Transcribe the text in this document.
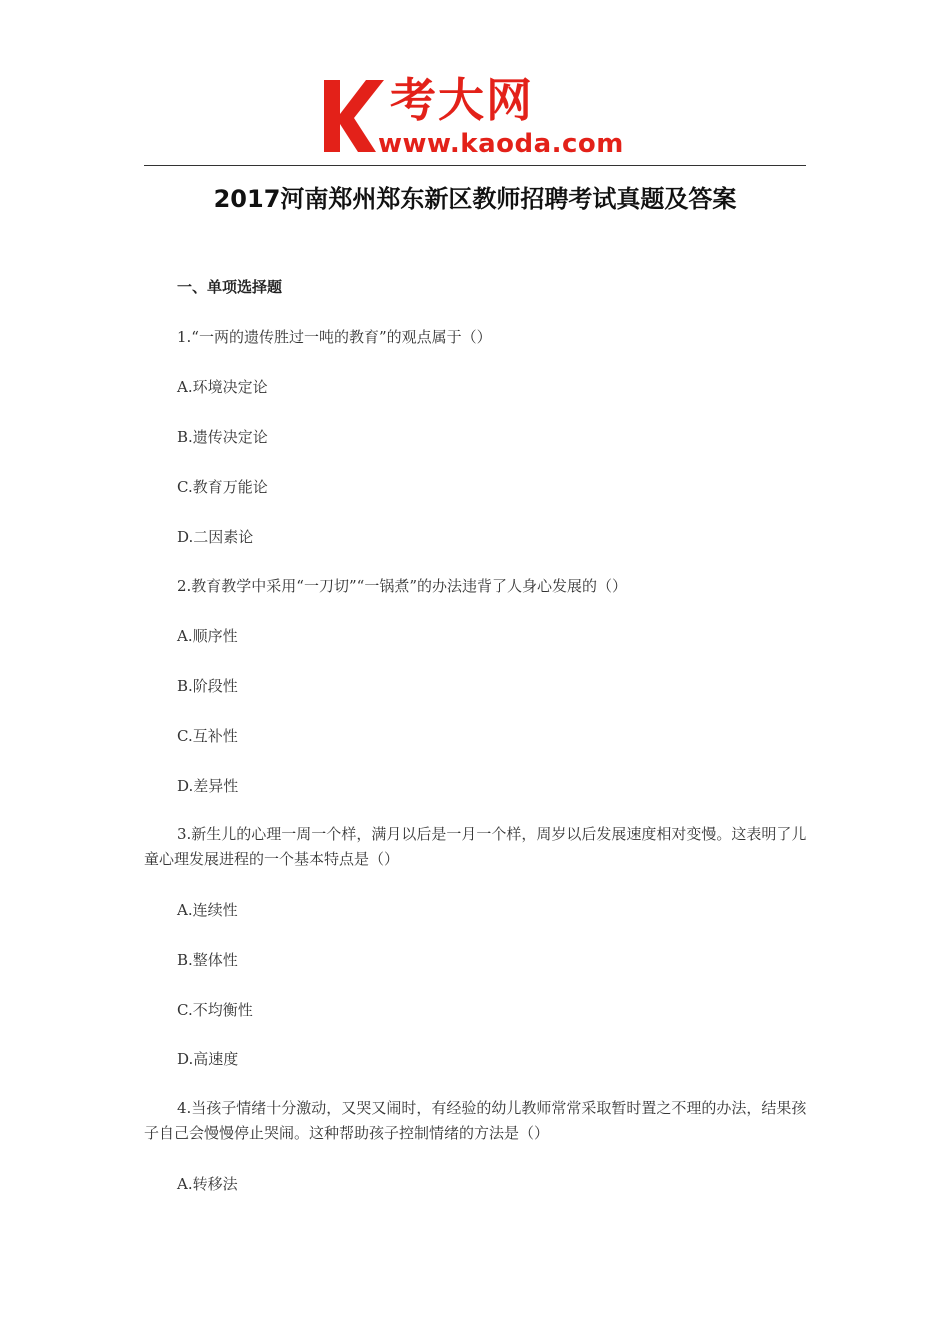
考大网
www.kaoda.com
2017河南郑州郑东新区教师招聘考试真题及答案
一、单项选择题
1.“一两的遗传胜过一吨的教育”的观点属于（）
A.环境决定论
B.遗传决定论
C.教育万能论
D.二因素论
2.教育教学中采用“一刀切”“一锅煮”的办法违背了人身心发展的（）
A.顺序性
B.阶段性
C.互补性
D.差异性
3.新生儿的心理一周一个样，满月以后是一月一个样，周岁以后发展速度相对变慢。这表明了儿童心理发展进程的一个基本特点是（）
A.连续性
B.整体性
C.不均衡性
D.高速度
4.当孩子情绪十分激动，又哭又闹时，有经验的幼儿教师常常采取暂时置之不理的办法，结果孩子自己会慢慢停止哭闹。这种帮助孩子控制情绪的方法是（）
A.转移法
